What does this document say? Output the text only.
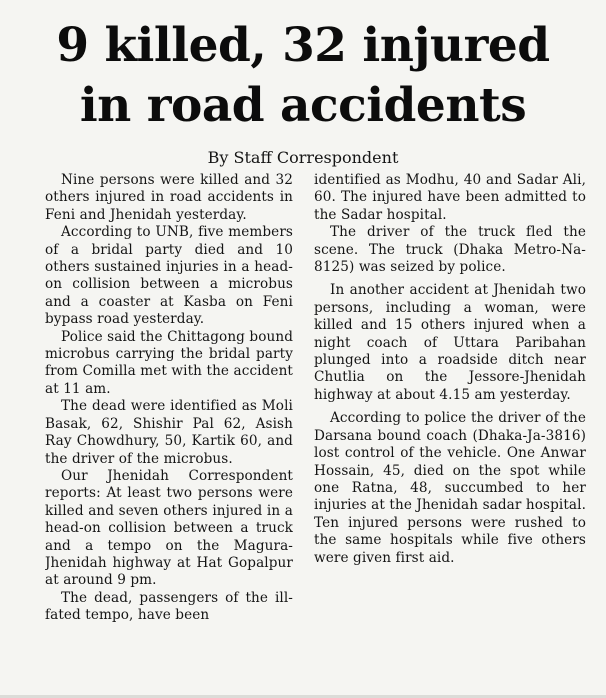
9 killed, 32 injured
in road accidents
By Staff Correspondent

Nine persons were killed and 32 others injured in road accidents in Feni and Jhenidah yesterday.

According to UNB, five members of a bridal party died and 10 others sustained injuries in a head-on collision between a microbus and a coaster at Kasba on Feni bypass road yesterday.

Police said the Chittagong bound microbus carrying the bridal party from Comilla met with the accident at 11 am.

The dead were identified as Moli Basak, 62, Shishir Pal 62, Asish Ray Chowdhury, 50, Kartik 60, and the driver of the microbus.

Our Jhenidah Correspondent reports: At least two persons were killed and seven others injured in a head-on collision between a truck and a tempo on the Magura-Jhenidah highway at Hat Gopalpur at around 9 pm.

The dead, passengers of the ill-fated tempo, have been

identified as Modhu, 40 and Sadar Ali, 60. The injured have been admitted to the Sadar hospital.

The driver of the truck fled the scene. The truck (Dhaka Metro-Na-8125) was seized by police.

In another accident at Jhenidah two persons, including a woman, were killed and 15 others injured when a night coach of Uttara Paribahan plunged into a roadside ditch near Chutlia on the Jessore-Jhenidah highway at about 4.15 am yesterday.

According to police the driver of the Darsana bound coach (Dhaka-Ja-3816) lost control of the vehicle. One Anwar Hossain, 45, died on the spot while one Ratna, 48, succumbed to her injuries at the Jhenidah sadar hospital. Ten injured persons were rushed to the same hospitals while five others were given first aid.
